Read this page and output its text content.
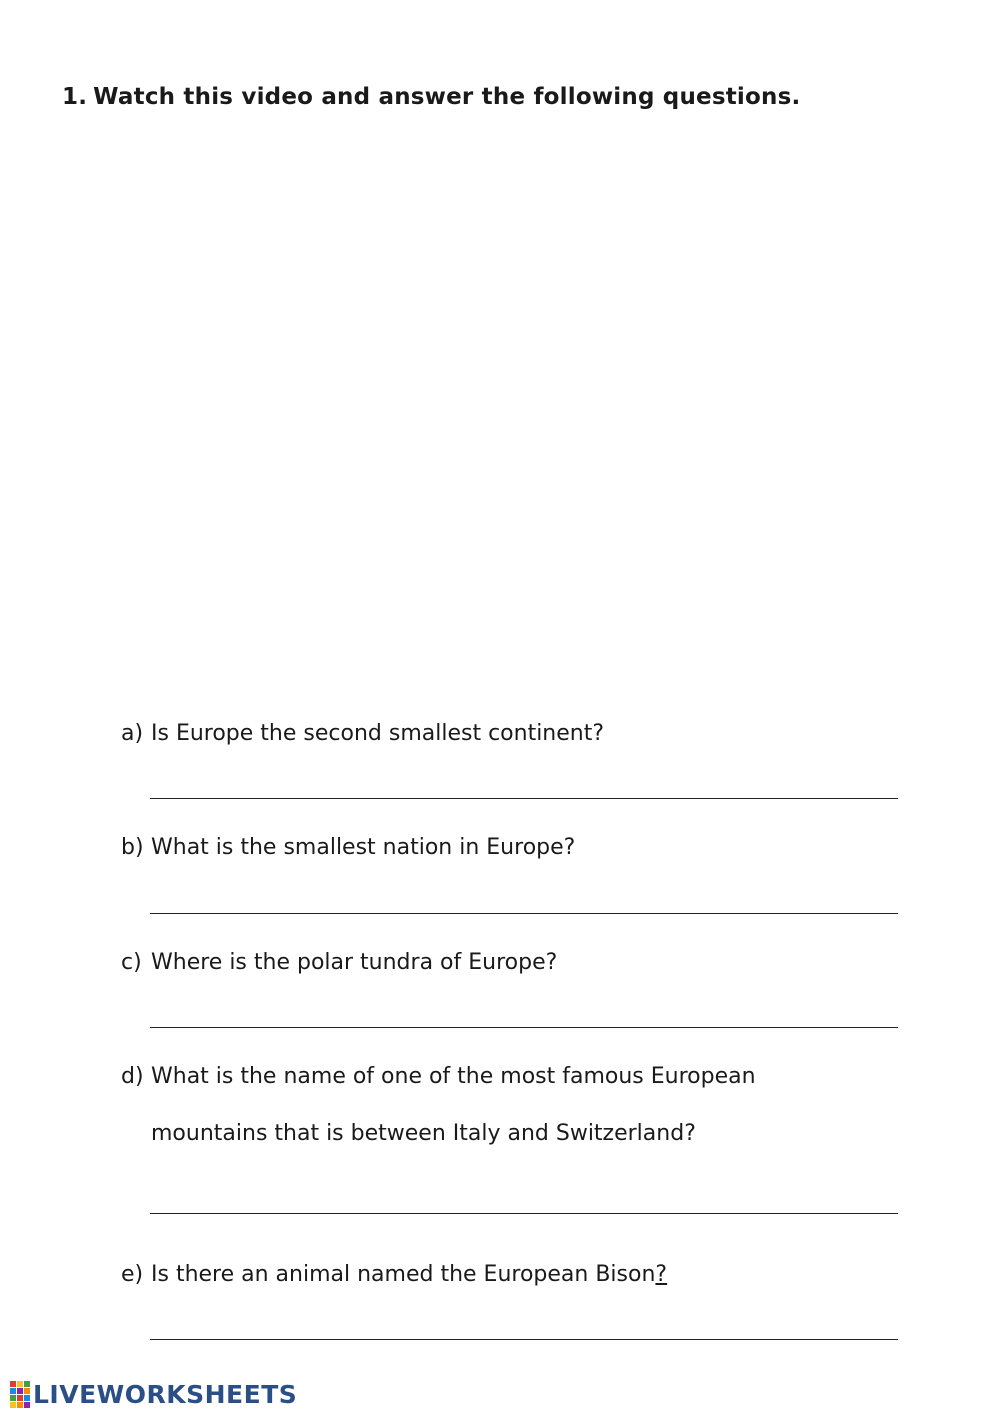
1. Watch this video and answer the following questions.
a) Is Europe the second smallest continent?
b) What is the smallest nation in Europe?
c) Where is the polar tundra of Europe?
d) What is the name of one of the most famous European
mountains that is between Italy and Switzerland?
e) Is there an animal named the European Bison?
LIVEWORKSHEETS
